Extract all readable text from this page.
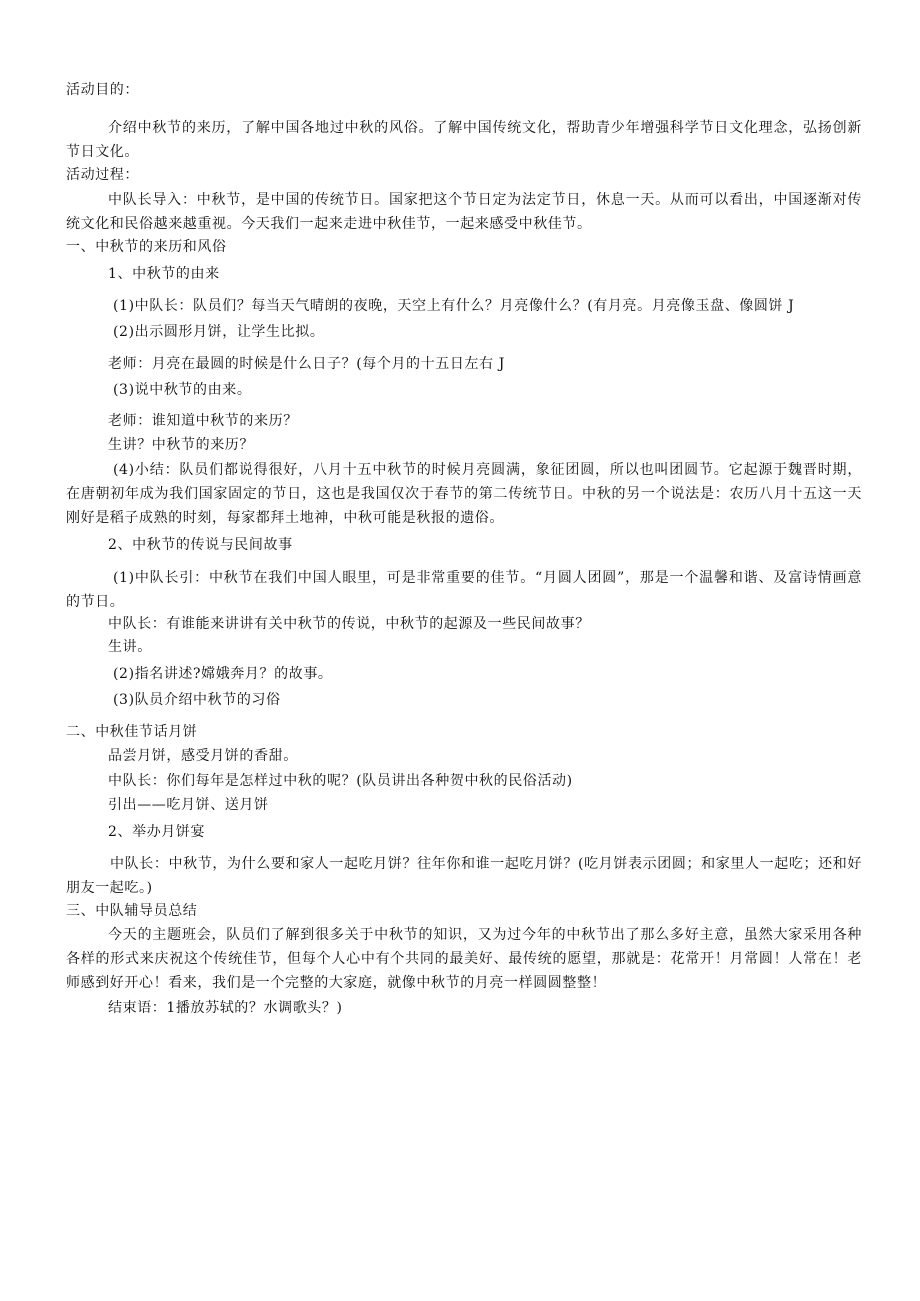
活动目的：
介绍中秋节的来历，了解中国各地过中秋的风俗。了解中国传统文化，帮助青少年增强科学节日文化理念，弘扬创新节日文化。
活动过程：
中队长导入：中秋节，是中国的传统节日。国家把这个节日定为法定节日，休息一天。从而可以看出，中国逐渐对传统文化和民俗越来越重视。今天我们一起来走进中秋佳节，一起来感受中秋佳节。
一、中秋节的来历和风俗
1、中秋节的由来
(1)中队长：队员们？每当天气晴朗的夜晚，天空上有什么？月亮像什么？(有月亮。月亮像玉盘、像圆饼 J
(2)出示圆形月饼，让学生比拟。
老师：月亮在最圆的时候是什么日子？(每个月的十五日左右 J
(3)说中秋节的由来。
老师：谁知道中秋节的来历？
生讲？中秋节的来历？
(4)小结：队员们都说得很好，八月十五中秋节的时候月亮圆满，象征团圆，所以也叫团圆节。它起源于魏晋时期，在唐朝初年成为我们国家固定的节日，这也是我国仅次于春节的第二传统节日。中秋的另一个说法是：农历八月十五这一天刚好是稻子成熟的时刻，每家都拜土地神，中秋可能是秋报的遗俗。
2、中秋节的传说与民间故事
(1)中队长引：中秋节在我们中国人眼里，可是非常重要的佳节。“月圆人团圆”，那是一个温馨和谐、及富诗情画意的节日。
中队长：有谁能来讲讲有关中秋节的传说，中秋节的起源及一些民间故事？
生讲。
(2)指名讲述?嫦娥奔月？的故事。
(3)队员介绍中秋节的习俗
二、中秋佳节话月饼
品尝月饼，感受月饼的香甜。
中队长：你们每年是怎样过中秋的呢？(队员讲出各种贺中秋的民俗活动)
引出——吃月饼、送月饼
2、举办月饼宴
中队长：中秋节，为什么要和家人一起吃月饼？往年你和谁一起吃月饼？(吃月饼表示团圆；和家里人一起吃；还和好朋友一起吃。)
三、中队辅导员总结
今天的主题班会，队员们了解到很多关于中秋节的知识，又为过今年的中秋节出了那么多好主意，虽然大家采用各种各样的形式来庆祝这个传统佳节，但每个人心中有个共同的最美好、最传统的愿望，那就是：花常开！月常圆！人常在！老师感到好开心！看来，我们是一个完整的大家庭，就像中秋节的月亮一样圆圆整整！
结束语：1播放苏轼的？水调歌头？)
